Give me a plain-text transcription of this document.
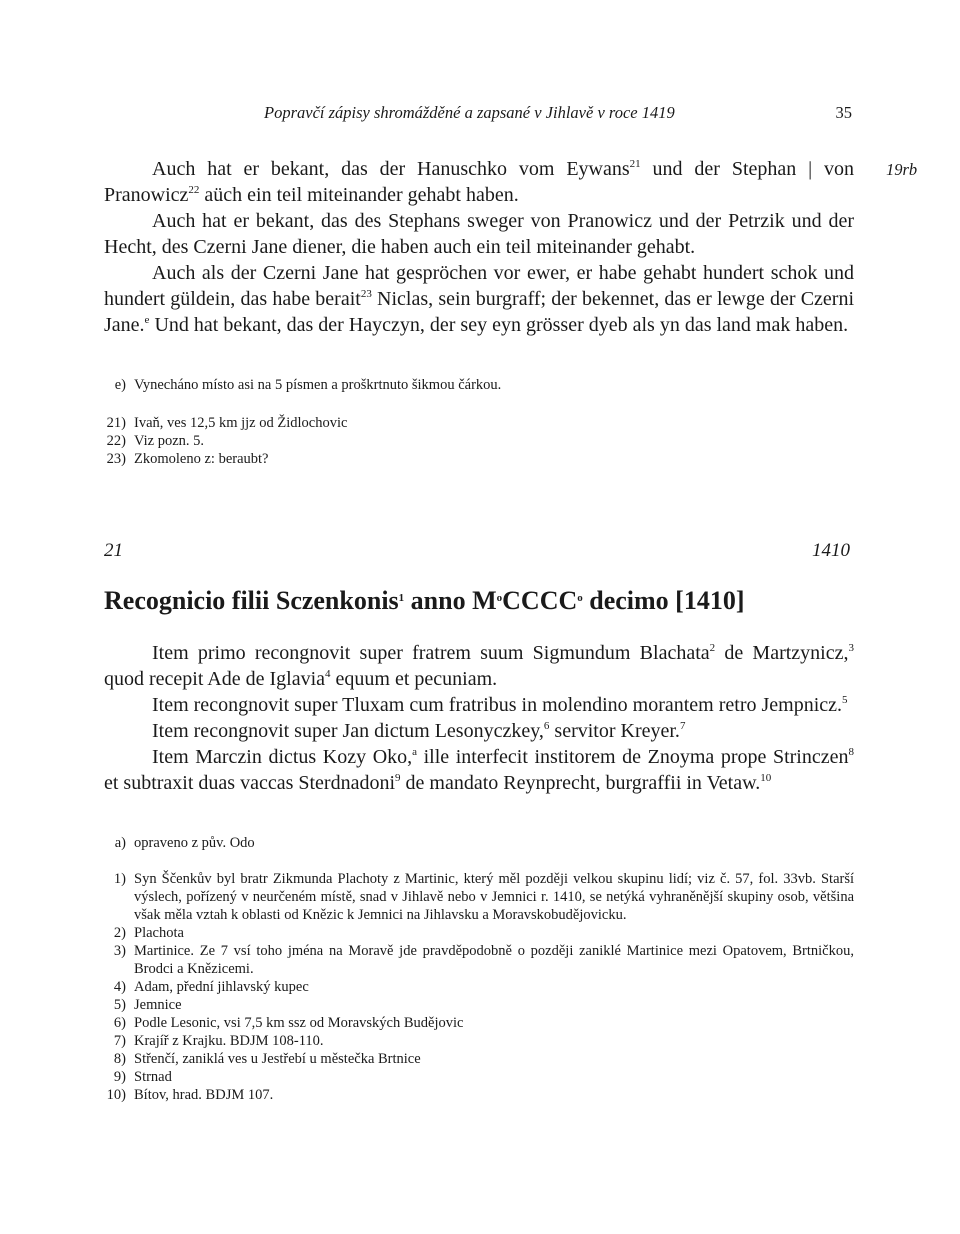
Popravčí zápisy shromážděné a zapsané v Jihlavě v roce 1419	35
19rb

Auch hat er bekant, das der Hanuschko vom Eywans$^{21}$ und der Stephan | von Pranowicz$^{22}$ aüch ein teil miteinander gehabt haben.

Auch hat er bekant, das des Stephans sweger von Pranowicz und der Petrzik und der Hecht, des Czerni Jane diener, die haben auch ein teil miteinander gehabt.

Auch als der Czerni Jane hat gespröchen vor ewer, er habe gehabt hundert schok und hundert güldein, das habe berait$^{23}$ Niclas, sein burgraff; der bekennet, das er lewge der Czerni Jane.$^e$ Und hat bekant, das der Hayczyn, der sey eyn grösser dyeb als yn das land mak haben.

e) Vynecháno místo asi na 5 písmen a proškrtnuto šikmou čárkou.
21) Ivaň, ves 12,5 km jjz od Židlochovic
22) Viz pozn. 5.
23) Zkomoleno z: beraubt?
21	1410
Recognicio filii Sczenkonis$^1$ anno $M^oCCCC^o$ decimo [1410]

Item primo recongnovit super fratrem suum Sigmundum Blachata$^2$ de Martzynicz,$^3$ quod recepit Ade de Iglavia$^4$ equum et pecuniam.

Item recongnovit super Tluxam cum fratribus in molendino morantem retro Jempnicz.$^5$

Item recongnovit super Jan dictum Lesonyczkey,$^6$ servitor Kreyer.$^7$

Item Marczin dictus Kozy Oko,$^a$ ille interfecit institorem de Znoyma prope Strinczen$^8$ et subtraxit duas vaccas Sterdnadoni$^9$ de mandato Reynprecht, burgraffii in Vetaw.$^{10}$

a) opraveno z pův. Odo
1) Syn Ščenkův byl bratr Zikmunda Plachoty z Martinic, který měl později velkou skupinu lidí; viz č. 57, fol. 33vb. Starší výslech, pořízený v neurčeném místě, snad v Jihlavě nebo v Jemnici r. 1410, se netýká vyhraněnější skupiny osob, většina však měla vztah k oblasti od Knězic k Jemnici na Jihlavsku a Moravskobudějovicku.
2) Plachota
3) Martinice. Ze 7 vsí toho jména na Moravě jde pravděpodobně o později zaniklé Martinice mezi Opatovem, Brtničkou, Brodci a Knězicemi.
4) Adam, přední jihlavský kupec
5) Jemnice
6) Podle Lesonic, vsi 7,5 km ssz od Moravských Budějovic
7) Krajíř z Krajku. BDJM 108-110.
8) Střenčí, zaniklá ves u Jestřebí u městečka Brtnice
9) Strnad
10) Bítov, hrad. BDJM 107.
